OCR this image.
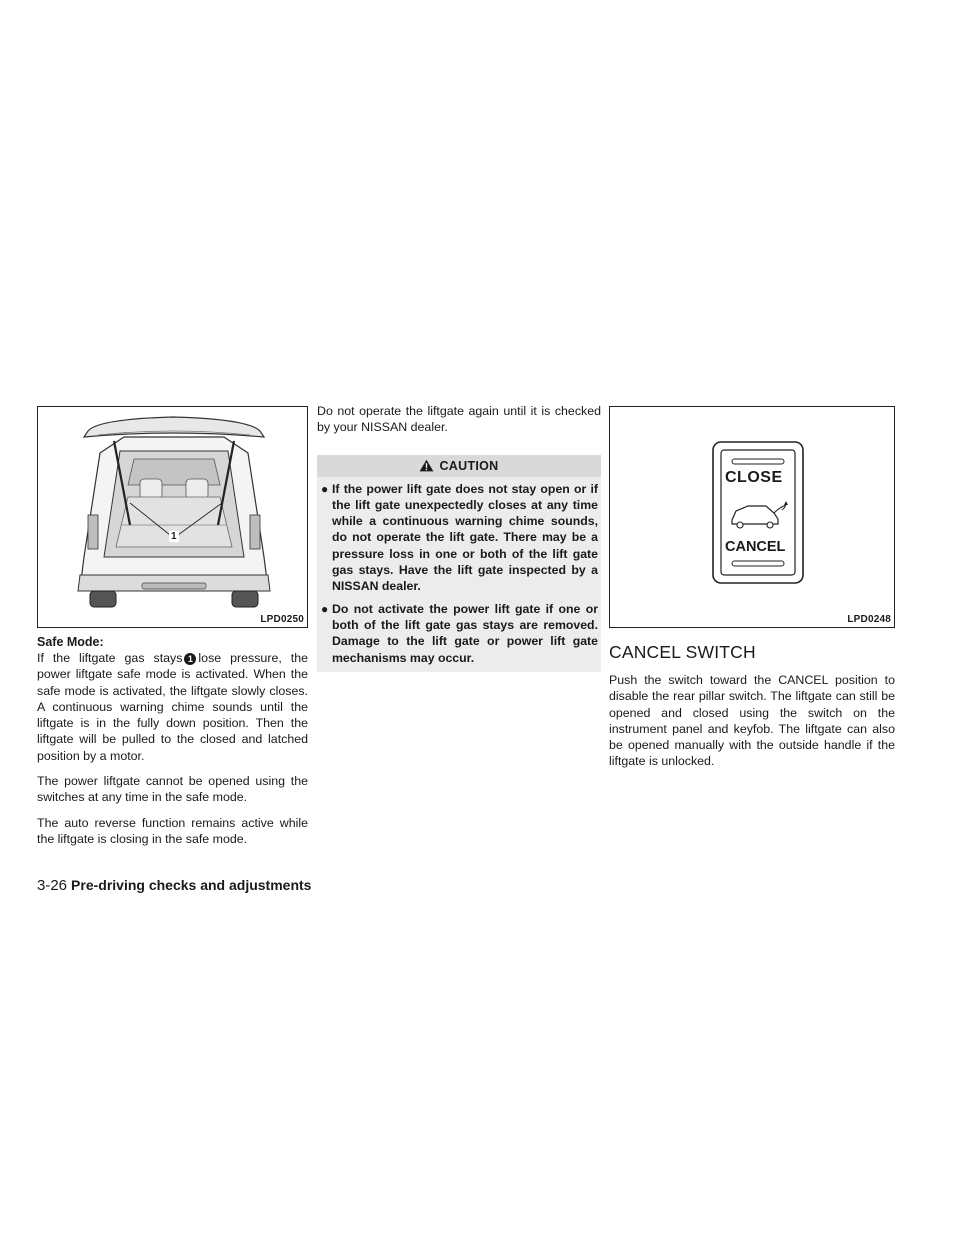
1
LPD0250
Safe Mode:

If the liftgate gas stays 1 lose pressure, the power liftgate safe mode is activated. When the safe mode is activated, the liftgate slowly closes. A continuous warning chime sounds until the liftgate is in the fully down position. Then the liftgate will be pulled to the closed and latched position by a motor.

The power liftgate cannot be opened using the switches at any time in the safe mode.

The auto reverse function remains active while the liftgate is closing in the safe mode.

Do not operate the liftgate again until it is checked by your NISSAN dealer.

CAUTION
● If the power lift gate does not stay open or if the lift gate unexpectedly closes at any time while a continuous warning chime sounds, do not operate the lift gate. There may be a pressure loss in one or both of the lift gate gas stays. Have the lift gate inspected by a NISSAN dealer.
● Do not activate the power lift gate if one or both of the lift gate gas stays are removed. Damage to the lift gate or power lift gate mechanisms may occur.
CLOSE
CANCEL
LPD0248
CANCEL SWITCH

Push the switch toward the CANCEL position to disable the rear pillar switch. The liftgate can still be opened and closed using the switch on the instrument panel and keyfob. The liftgate can also be opened manually with the outside handle if the liftgate is unlocked.

3-26 Pre-driving checks and adjustments
